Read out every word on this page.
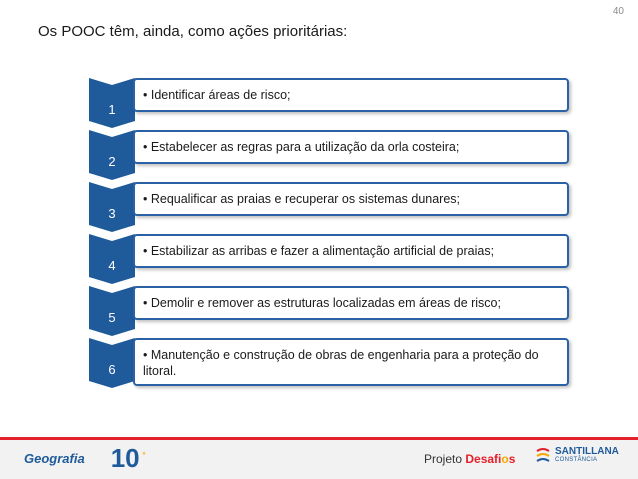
40
Os POOC têm, ainda, como ações prioritárias:
1
• Identificar áreas de risco;
2
• Estabelecer as regras para a utilização da orla costeira;
3
• Requalificar as praias e recuperar os sistemas dunares;
4
• Estabilizar as arribas e fazer a alimentação artificial de praias;
5
• Demolir e remover as estruturas localizadas em áreas de risco;
6
• Manutenção e construção de obras de engenharia para a proteção do litoral.
Geografia 10 °	Projeto Desafios
SANTILLANA
CONSTÂNCIA
